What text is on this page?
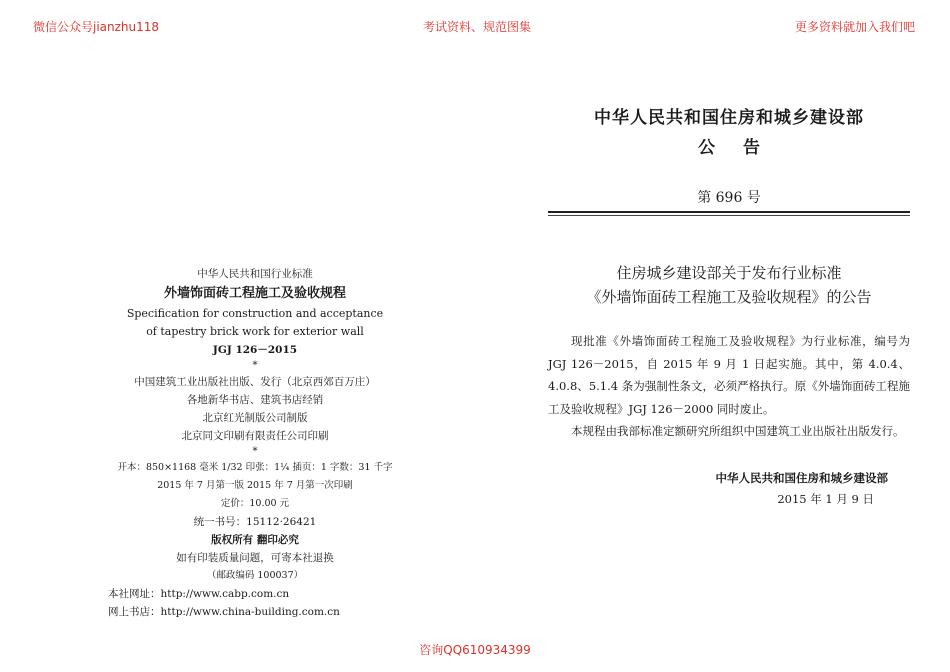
微信公众号jianzhu118	考试资料、规范图集	更多资料就加入我们吧
中华人民共和国行业标准
外墙饰面砖工程施工及验收规程
Specification for construction and acceptance
of tapestry brick work for exterior wall
JGJ 126－2015
*
中国建筑工业出版社出版、发行（北京西郊百万庄）
各地新华书店、建筑书店经销
北京红光制版公司制版
北京同文印刷有限责任公司印刷
*
开本：850×1168 毫米 1/32 印张：1¼ 插页：1 字数：31 千字
2015 年 7 月第一版 2015 年 7 月第一次印刷
定价：10.00 元
统一书号：15112·26421
版权所有 翻印必究
如有印装质量问题，可寄本社退换
（邮政编码 100037）
本社网址：http://www.cabp.com.cn
网上书店：http://www.china-building.com.cn
中华人民共和国住房和城乡建设部
公告
第 696 号
住房城乡建设部关于发布行业标准
《外墙饰面砖工程施工及验收规程》的公告

现批准《外墙饰面砖工程施工及验收规程》为行业标准，编号为 JGJ 126－2015，自 2015 年 9 月 1 日起实施。其中，第 4.0.4、4.0.8、5.1.4 条为强制性条文，必须严格执行。原《外墙饰面砖工程施工及验收规程》JGJ 126－2000 同时废止。

本规程由我部标准定额研究所组织中国建筑工业出版社出版发行。

中华人民共和国住房和城乡建设部
2015 年 1 月 9 日
咨询QQ610934399
